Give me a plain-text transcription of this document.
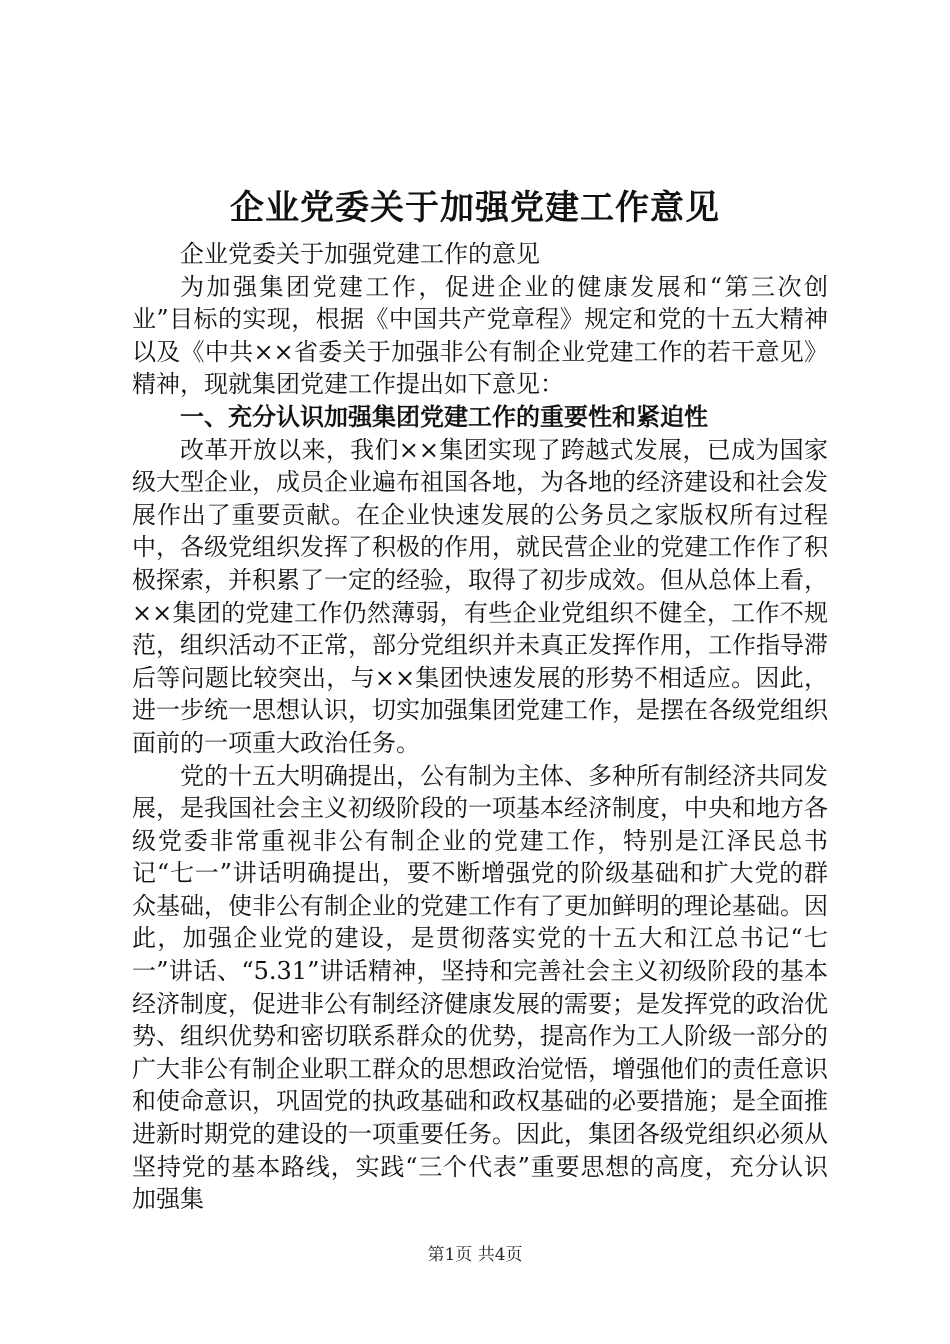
企业党委关于加强党建工作意见

企业党委关于加强党建工作的意见

为加强集团党建工作，促进企业的健康发展和“第三次创业”目标的实现，根据《中国共产党章程》规定和党的十五大精神以及《中共××省委关于加强非公有制企业党建工作的若干意见》精神，现就集团党建工作提出如下意见：

一、充分认识加强集团党建工作的重要性和紧迫性

改革开放以来，我们××集团实现了跨越式发展，已成为国家级大型企业，成员企业遍布祖国各地，为各地的经济建设和社会发展作出了重要贡献。在企业快速发展的公务员之家版权所有过程中，各级党组织发挥了积极的作用，就民营企业的党建工作作了积极探索，并积累了一定的经验，取得了初步成效。但从总体上看，××集团的党建工作仍然薄弱，有些企业党组织不健全，工作不规范，组织活动不正常，部分党组织并未真正发挥作用，工作指导滞后等问题比较突出，与××集团快速发展的形势不相适应。因此，进一步统一思想认识，切实加强集团党建工作，是摆在各级党组织面前的一项重大政治任务。

党的十五大明确提出，公有制为主体、多种所有制经济共同发展，是我国社会主义初级阶段的一项基本经济制度，中央和地方各级党委非常重视非公有制企业的党建工作，特别是江泽民总书记“七一”讲话明确提出，要不断增强党的阶级基础和扩大党的群众基础，使非公有制企业的党建工作有了更加鲜明的理论基础。因此，加强企业党的建设，是贯彻落实党的十五大和江总书记“七一”讲话、“5.31”讲话精神，坚持和完善社会主义初级阶段的基本经济制度，促进非公有制经济健康发展的需要；是发挥党的政治优势、组织优势和密切联系群众的优势，提高作为工人阶级一部分的广大非公有制企业职工群众的思想政治觉悟，增强他们的责任意识和使命意识，巩固党的执政基础和政权基础的必要措施；是全面推进新时期党的建设的一项重要任务。因此，集团各级党组织必须从坚持党的基本路线，实践“三个代表”重要思想的高度，充分认识加强集

第1页 共4页
